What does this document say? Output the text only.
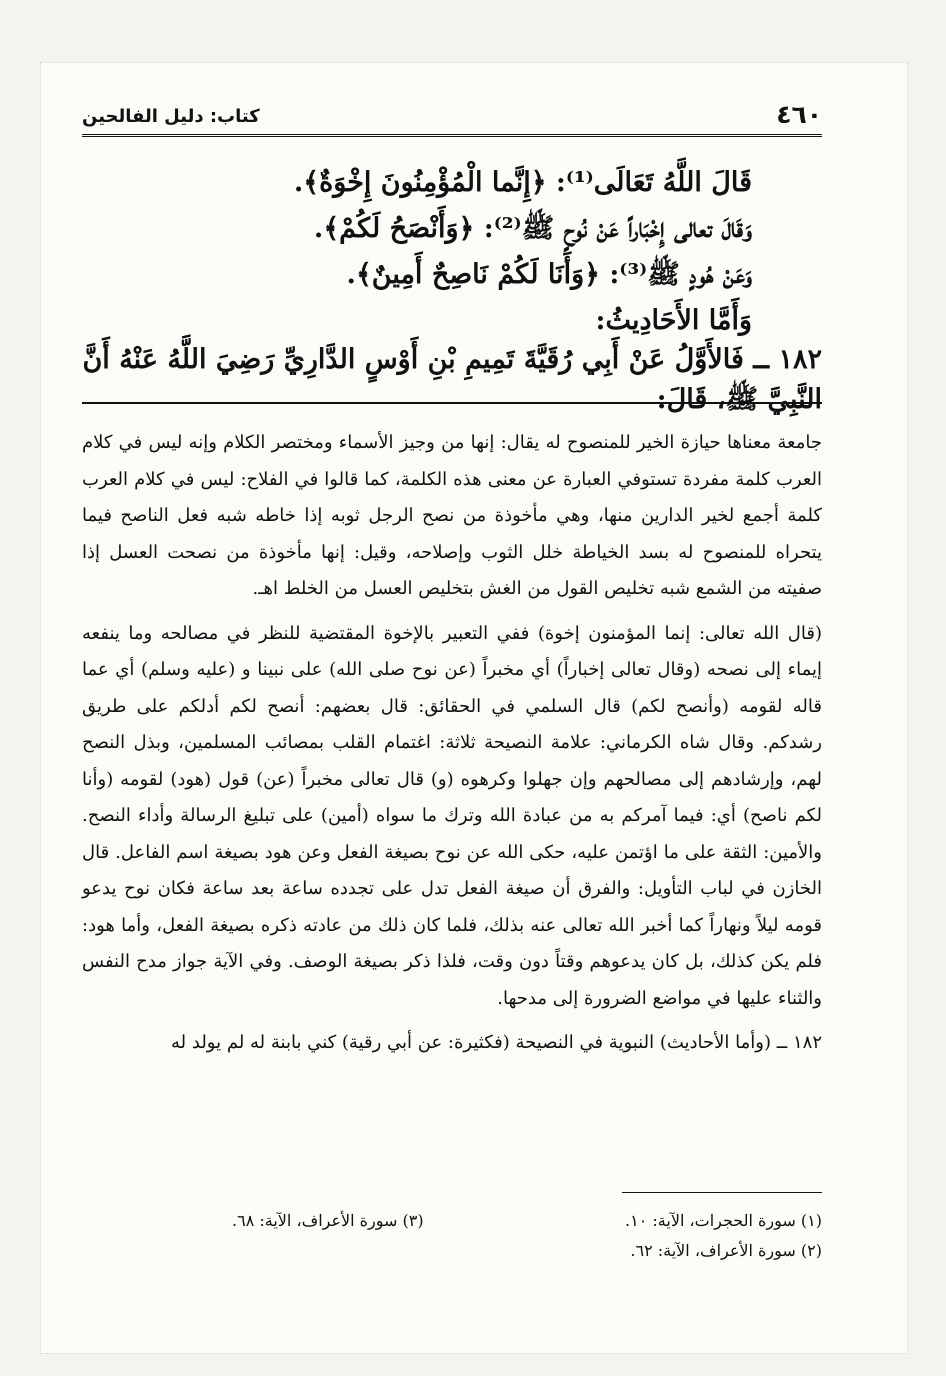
٤٦٠
كتاب: دليل الفالحين
قَالَ اللَّهُ تَعَالَى⁽¹⁾: ﴿إِنَّما الْمُؤْمِنُونَ إِخْوَةٌ﴾.
وَقَالَ تعالى إِخْبَاراً عَنْ نُوحٍ ﷺ⁽²⁾: ﴿وَأَنْصَحُ لَكُمْ﴾.
وَعَنْ هُودٍ ﷺ⁽³⁾: ﴿وَأَنَا لَكُمْ نَاصِحٌ أَمِينٌ﴾.
وَأَمَّا الأَحَادِيثُ:
١٨٢ ــ فَالأَوَّلُ عَنْ أَبِي رُقَيَّةَ تَمِيمِ بْنِ أَوْسٍ الدَّارِيِّ رَضِيَ اللَّهُ عَنْهُ أَنَّ النَّبِيَّ ﷺ، قَالَ:

جامعة معناها حيازة الخير للمنصوح له يقال: إنها من وجيز الأسماء ومختصر الكلام وإنه ليس في كلام العرب كلمة مفردة تستوفي العبارة عن معنى هذه الكلمة، كما قالوا في الفلاح: ليس في كلام العرب كلمة أجمع لخير الدارين منها، وهي مأخوذة من نصح الرجل ثوبه إذا خاطه شبه فعل الناصح فيما يتحراه للمنصوح له بسد الخياطة خلل الثوب وإصلاحه، وقيل: إنها مأخوذة من نصحت العسل إذا صفيته من الشمع شبه تخليص القول من الغش بتخليص العسل من الخلط اهـ.

(قال الله تعالى: إنما المؤمنون إخوة) ففي التعبير بالإخوة المقتضية للنظر في مصالحه وما ينفعه إيماء إلى نصحه (وقال تعالى إخباراً) أي مخبراً (عن نوح صلى الله) على نبينا و (عليه وسلم) أي عما قاله لقومه (وأنصح لكم) قال السلمي في الحقائق: قال بعضهم: أنصح لكم أدلكم على طريق رشدكم. وقال شاه الكرماني: علامة النصيحة ثلاثة: اغتمام القلب بمصائب المسلمين، وبذل النصح لهم، وإرشادهم إلى مصالحهم وإن جهلوا وكرهوه (و) قال تعالى مخبراً (عن) قول (هود) لقومه (وأنا لكم ناصح) أي: فيما آمركم به من عبادة الله وترك ما سواه (أمين) على تبليغ الرسالة وأداء النصح. والأمين: الثقة على ما اؤتمن عليه، حكى الله عن نوح بصيغة الفعل وعن هود بصيغة اسم الفاعل. قال الخازن في لباب التأويل: والفرق أن صيغة الفعل تدل على تجدده ساعة بعد ساعة فكان نوح يدعو قومه ليلاً ونهاراً كما أخبر الله تعالى عنه بذلك، فلما كان ذلك من عادته ذكره بصيغة الفعل، وأما هود: فلم يكن كذلك، بل كان يدعوهم وقتاً دون وقت، فلذا ذكر بصيغة الوصف. وفي الآية جواز مدح النفس والثناء عليها في مواضع الضرورة إلى مدحها.

١٨٢ ــ (وأما الأحاديث) النبوية في النصيحة (فكثيرة: عن أبي رقية) كني بابنة له لم يولد له

(٣) سورة الأعراف، الآية: ٦٨.	(١) سورة الحجرات، الآية: ١٠.
(٢) سورة الأعراف، الآية: ٦٢.
